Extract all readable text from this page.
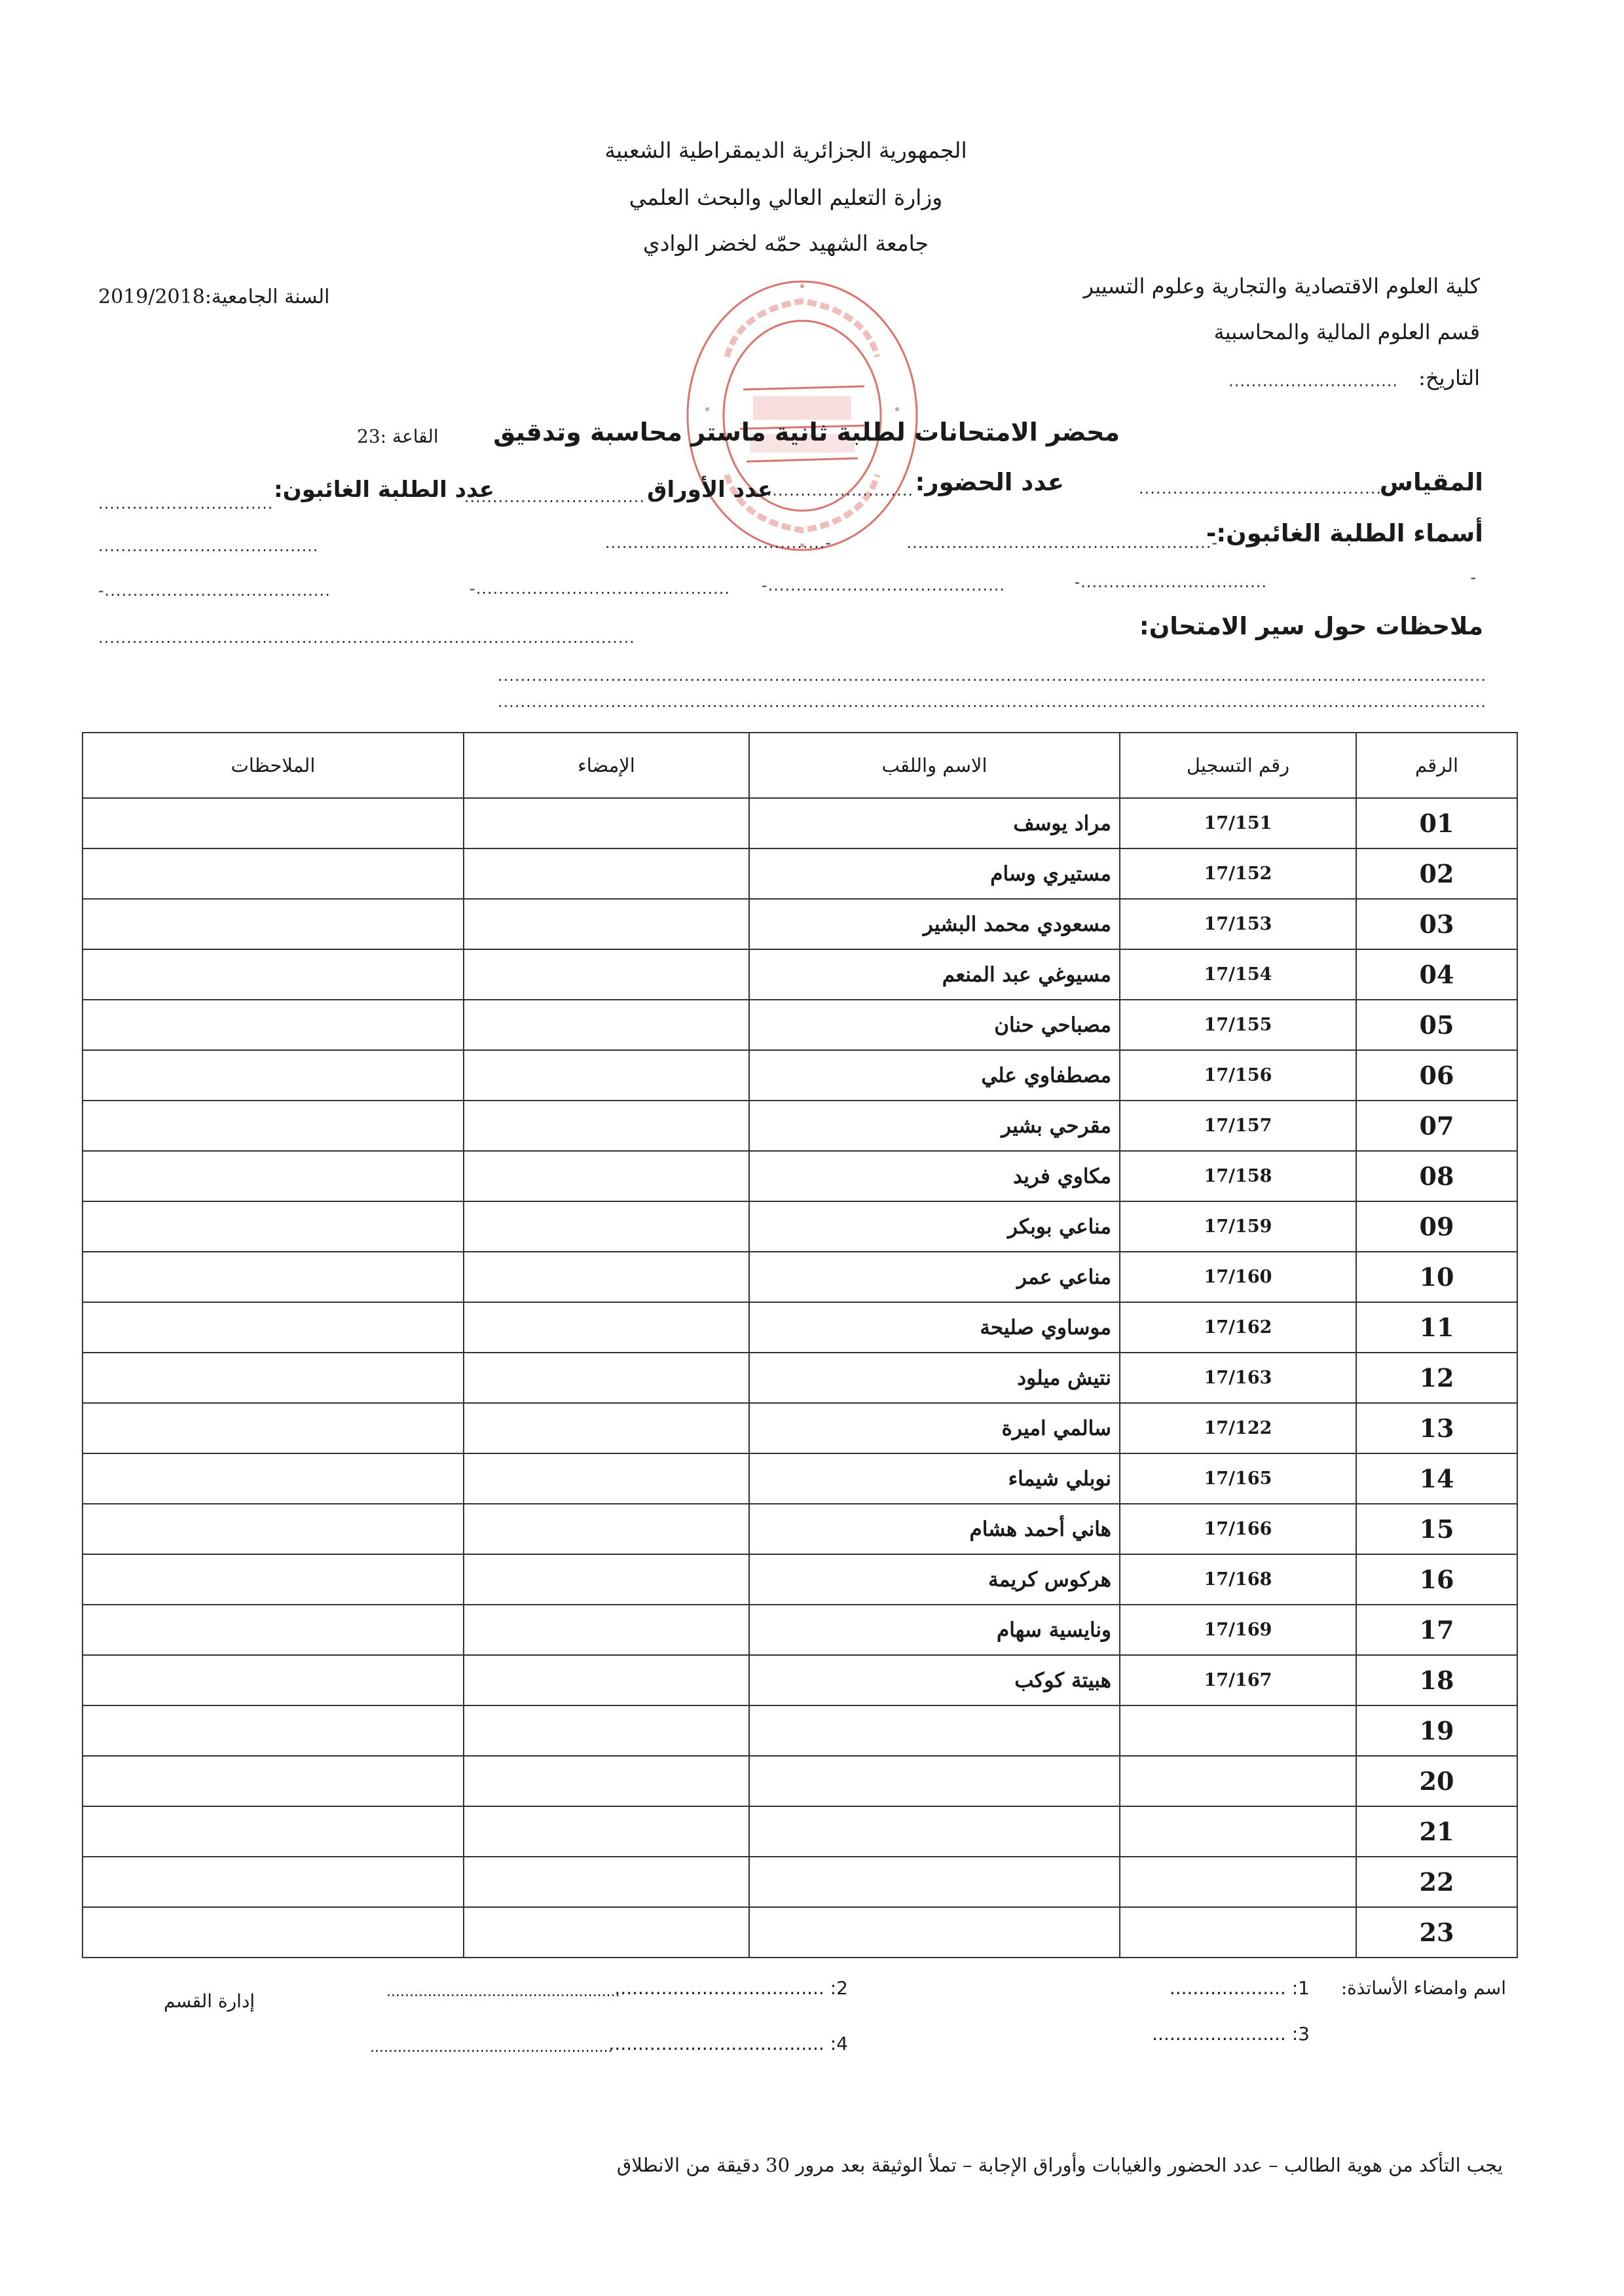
الجمهورية الجزائرية الديمقراطية الشعبية
وزارة التعليم العالي والبحث العلمي
جامعة الشهيد حمّه لخضر الوادي
كلية العلوم الاقتصادية والتجارية وعلوم التسيير
قسم العلوم المالية والمحاسبية
التاريخ:
..............................
السنة الجامعية:2019/2018
محضر الامتحانات لطلبة ثانية ماستر محاسبة وتدقيق
القاعة :23
المقياس
...........................................
عدد الحضور:
.............................
عدد الأوراق
................................
عدد الطلبة الغائبون:
...............................
أسماء الطلبة الغائبون:-
-......................................................
-.......................................
.......................................
-
.................................-
..........................................-
.............................................-
........................................-
ملاحظات حول سير الامتحان:
...............................................................................................
...............................................................................................................................................................................
...............................................................................................................................................................................
الرقم	رقم التسجيل	الاسم واللقب	الإمضاء	الملاحظات
01	17/151	مراد يوسف		
02	17/152	مستيري وسام		
03	17/153	مسعودي محمد البشير		
04	17/154	مسيوغي عبد المنعم		
05	17/155	مصباحي حنان		
06	17/156	مصطفاوي علي		
07	17/157	مقرحي بشير		
08	17/158	مكاوي فريد		
09	17/159	مناعي بوبكر		
10	17/160	مناعي عمر		
11	17/162	موساوي صليحة		
12	17/163	نتيش ميلود		
13	17/122	سالمي اميرة		
14	17/165	نوبلي شيماء		
15	17/166	هاني أحمد هشام		
16	17/168	هركوس كريمة		
17	17/169	ونايسية سهام		
18	17/167	هبيتة كوكب		
19				
20				
21				
22				
23				
اسم وامضاء الأساتذة:
1: ....................
2: ....................................
...................................................
إدارة القسم
3: .......................
4: .....................................
.....................................................
يجب التأكد من هوية الطالب – عدد الحضور والغيابات وأوراق الإجابة – تملأ الوثيقة بعد مرور 30 دقيقة من الانطلاق
